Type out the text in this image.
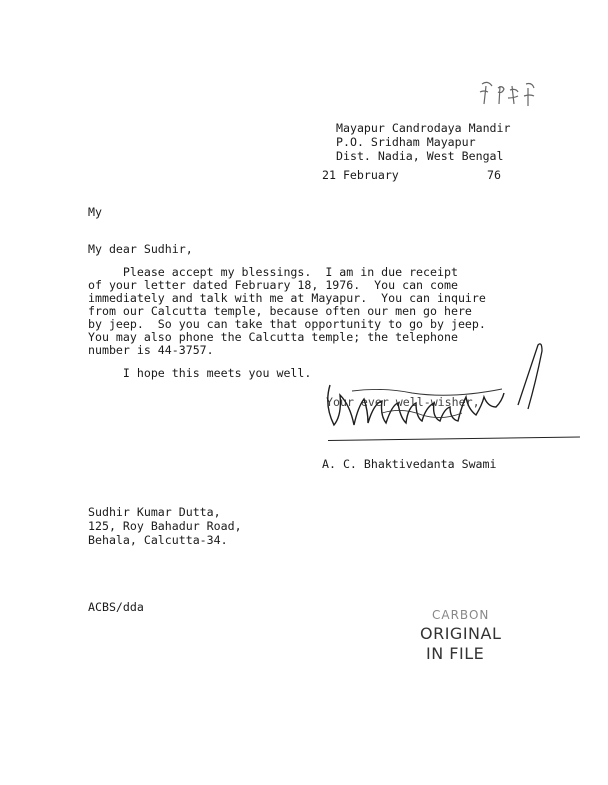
Mayapur Candrodaya Mandir
P.O. Sridham Mayapur
Dist. Nadia, West Bengal
21 February	76
My
My dear Sudhir,
Please accept my blessings.  I am in due receipt
of your letter dated February 18, 1976.  You can come
immediately and talk with me at Mayapur.  You can inquire
from our Calcutta temple, because often our men go here
by jeep.  So you can take that opportunity to go by jeep.
You may also phone the Calcutta temple; the telephone
number is 44-3757.
I hope this meets you well.
Your ever well-wisher,
A. C. Bhaktivedanta Swami
Sudhir Kumar Dutta,
125, Roy Bahadur Road,
Behala, Calcutta-34.
ACBS/dda
CARBON
ORIGINAL
IN FILE
